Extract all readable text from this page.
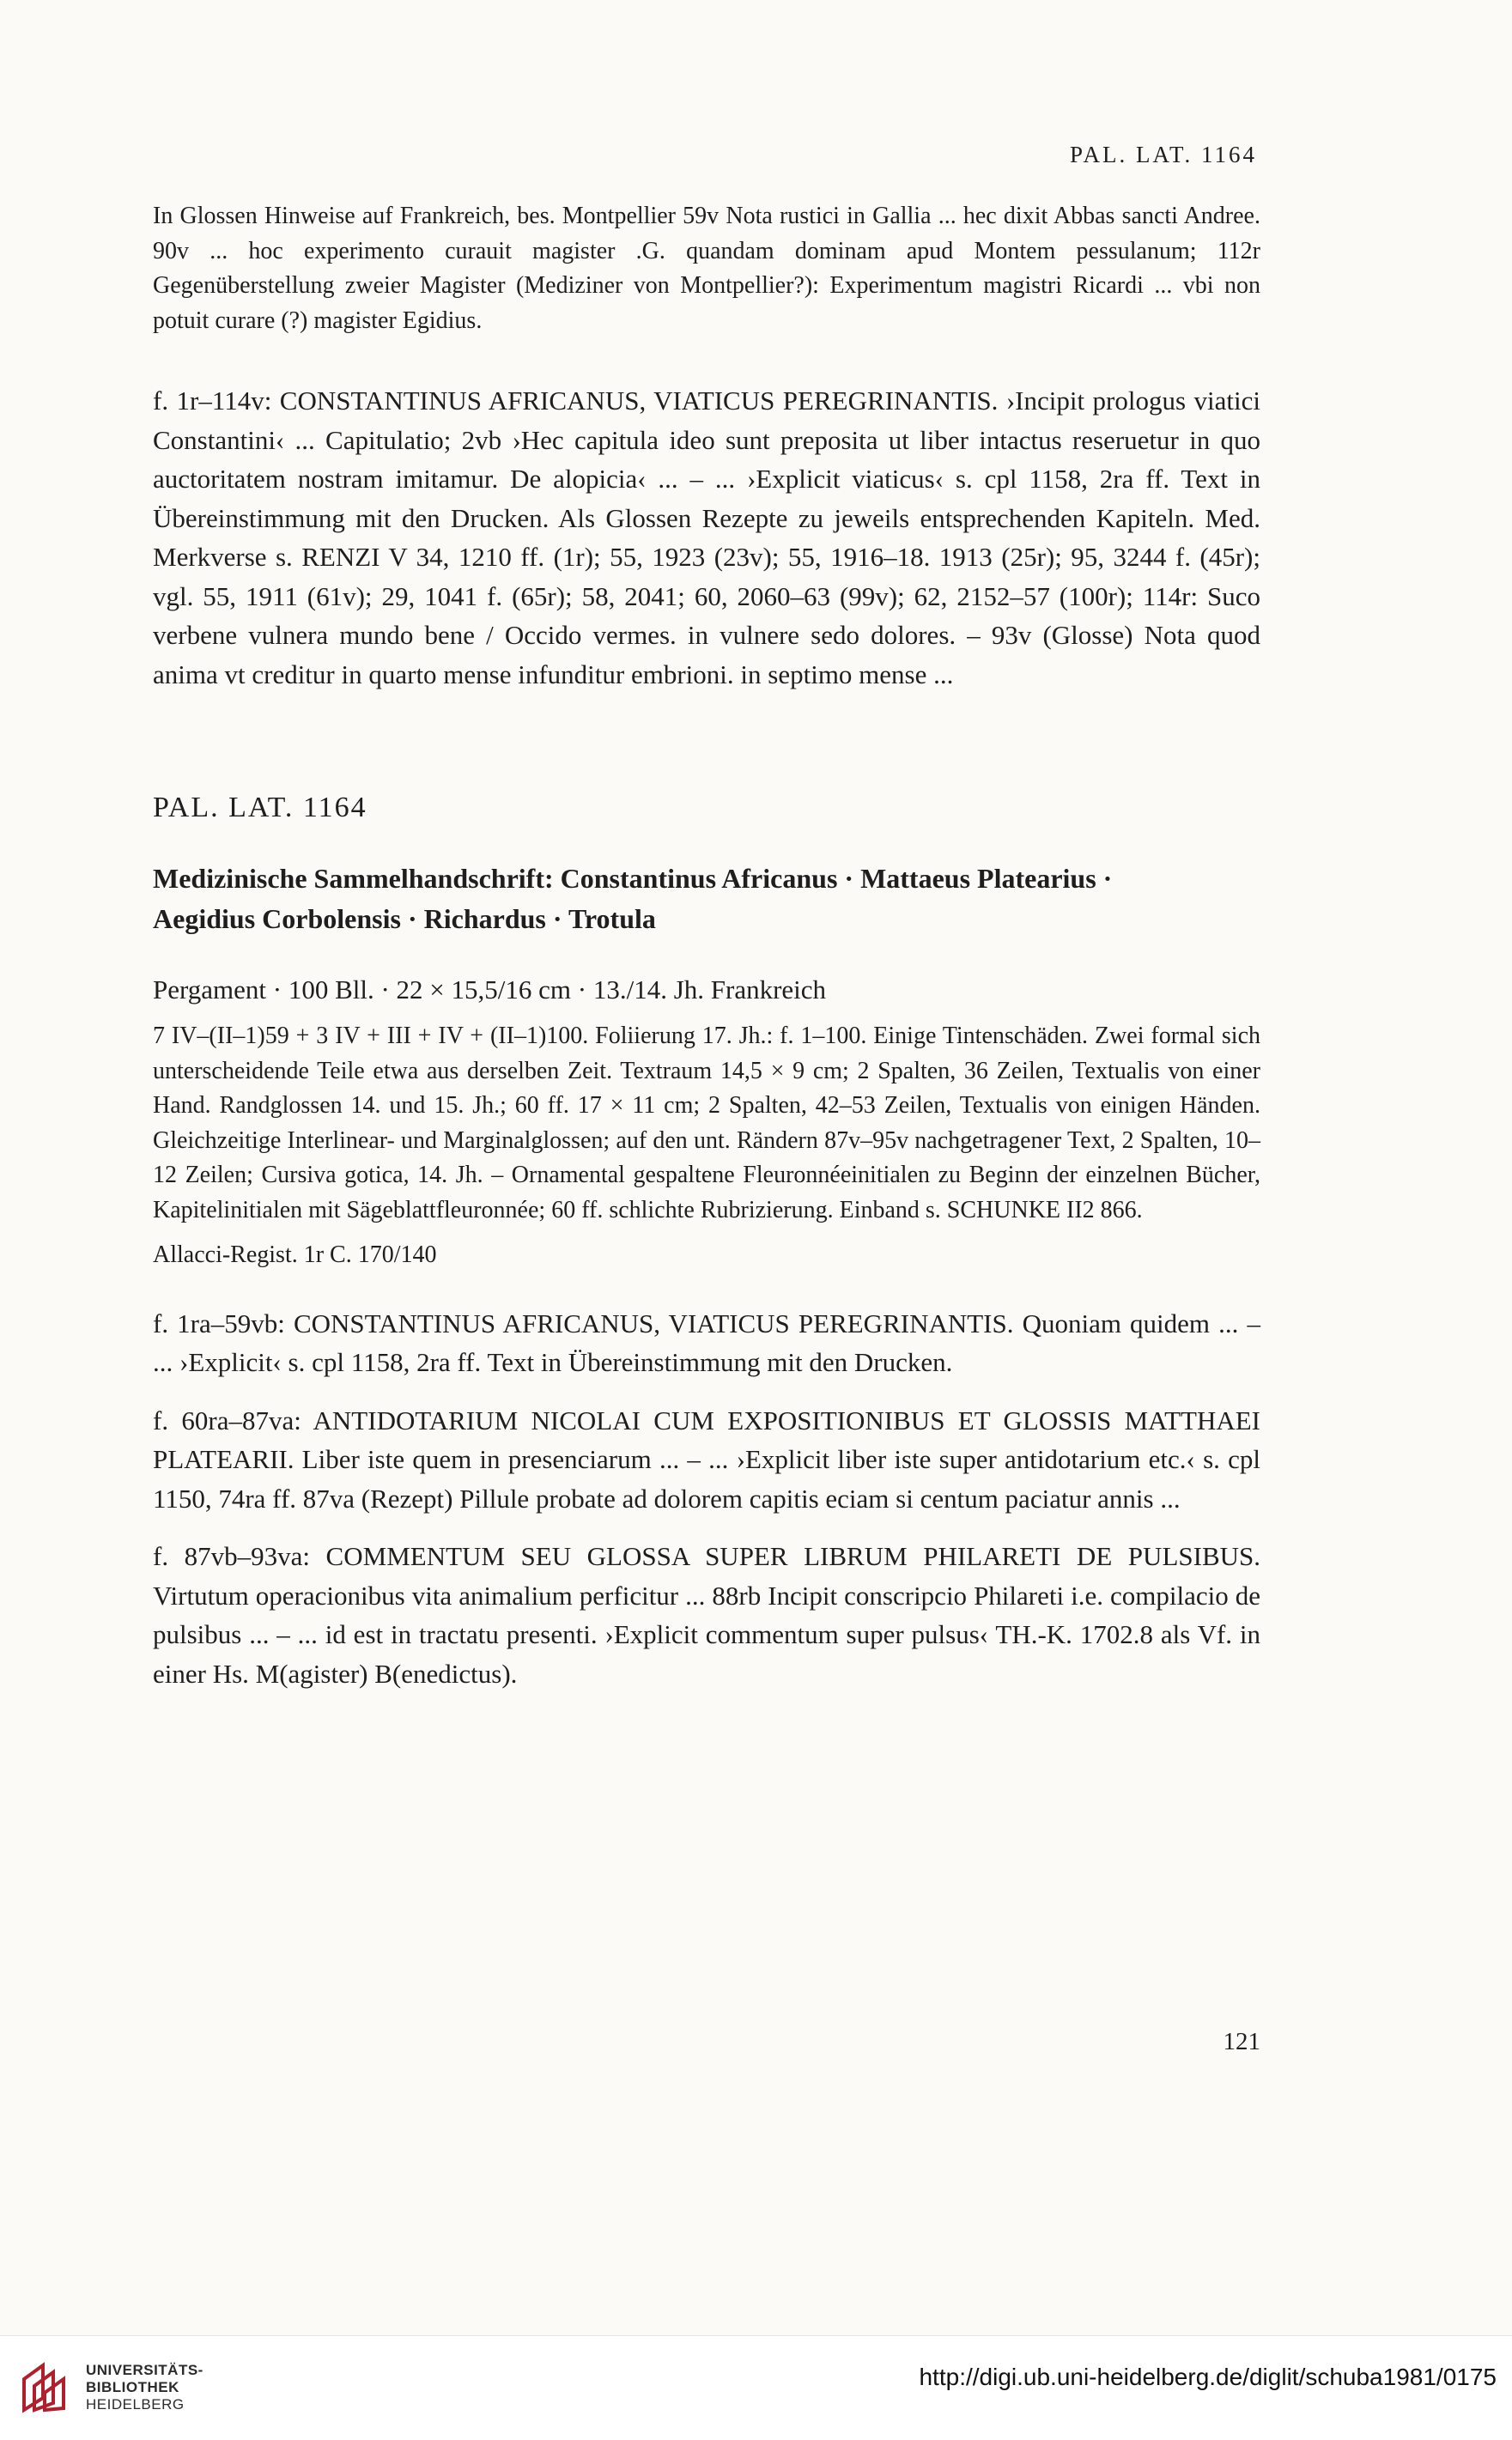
PAL. LAT. 1164

In Glossen Hinweise auf Frankreich, bes. Montpellier 59v Nota rustici in Gallia ... hec dixit Abbas sancti Andree. 90v ... hoc experimento curauit magister .G. quandam dominam apud Montem pessulanum; 112r Gegenüberstellung zweier Magister (Mediziner von Montpellier?): Experimentum magistri Ricardi ... vbi non potuit curare (?) magister Egidius.

f. 1r–114v: CONSTANTINUS AFRICANUS, VIATICUS PEREGRINANTIS. ›Incipit prologus viatici Constantini‹ ... Capitulatio; 2vb ›Hec capitula ideo sunt preposita ut liber intactus reseruetur in quo auctoritatem nostram imitamur. De alopicia‹ ... – ... ›Explicit viaticus‹ s. cpl 1158, 2ra ff. Text in Übereinstimmung mit den Drucken. Als Glossen Rezepte zu jeweils entsprechenden Kapiteln. Med. Merkverse s. RENZI V 34, 1210 ff. (1r); 55, 1923 (23v); 55, 1916–18. 1913 (25r); 95, 3244 f. (45r); vgl. 55, 1911 (61v); 29, 1041 f. (65r); 58, 2041; 60, 2060–63 (99v); 62, 2152–57 (100r); 114r: Suco verbene vulnera mundo bene / Occido vermes. in vulnere sedo dolores. – 93v (Glosse) Nota quod anima vt creditur in quarto mense infunditur embrioni. in septimo mense ...

PAL. LAT. 1164

Medizinische Sammelhandschrift: Constantinus Africanus · Mattaeus Platearius ·

Aegidius Corbolensis · Richardus · Trotula

Pergament · 100 Bll. · 22 × 15,5/16 cm · 13./14. Jh. Frankreich

7 IV–(II–1)59 + 3 IV + III + IV + (II–1)100. Foliierung 17. Jh.: f. 1–100. Einige Tintenschäden. Zwei formal sich unterscheidende Teile etwa aus derselben Zeit. Textraum 14,5 × 9 cm; 2 Spalten, 36 Zeilen, Textualis von einer Hand. Randglossen 14. und 15. Jh.; 60 ff. 17 × 11 cm; 2 Spalten, 42–53 Zeilen, Textualis von einigen Händen. Gleichzeitige Interlinear- und Marginalglossen; auf den unt. Rändern 87v–95v nachgetragener Text, 2 Spalten, 10–12 Zeilen; Cursiva gotica, 14. Jh. – Ornamental gespaltene Fleuronnéeinitialen zu Beginn der einzelnen Bücher, Kapitelinitialen mit Sägeblattfleuronnée; 60 ff. schlichte Rubrizierung. Einband s. SCHUNKE II2 866.

Allacci-Regist. 1r C. 170/140

f. 1ra–59vb: CONSTANTINUS AFRICANUS, VIATICUS PEREGRINANTIS. Quoniam quidem ... – ... ›Explicit‹ s. cpl 1158, 2ra ff. Text in Übereinstimmung mit den Drucken.

f. 60ra–87va: ANTIDOTARIUM NICOLAI CUM EXPOSITIONIBUS ET GLOSSIS MATTHAEI PLATEARII. Liber iste quem in presenciarum ... – ... ›Explicit liber iste super antidotarium etc.‹ s. cpl 1150, 74ra ff. 87va (Rezept) Pillule probate ad dolorem capitis eciam si centum paciatur annis ...

f. 87vb–93va: COMMENTUM SEU GLOSSA SUPER LIBRUM PHILARETI DE PULSIBUS. Virtutum operacionibus vita animalium perficitur ... 88rb Incipit conscripcio Philareti i.e. compilacio de pulsibus ... – ... id est in tractatu presenti. ›Explicit commentum super pulsus‹ TH.-K. 1702.8 als Vf. in einer Hs. M(agister) B(enedictus).

121
UNIVERSITÄTS-
BIBLIOTHEK
HEIDELBERG
http://digi.ub.uni-heidelberg.de/diglit/schuba1981/0175
